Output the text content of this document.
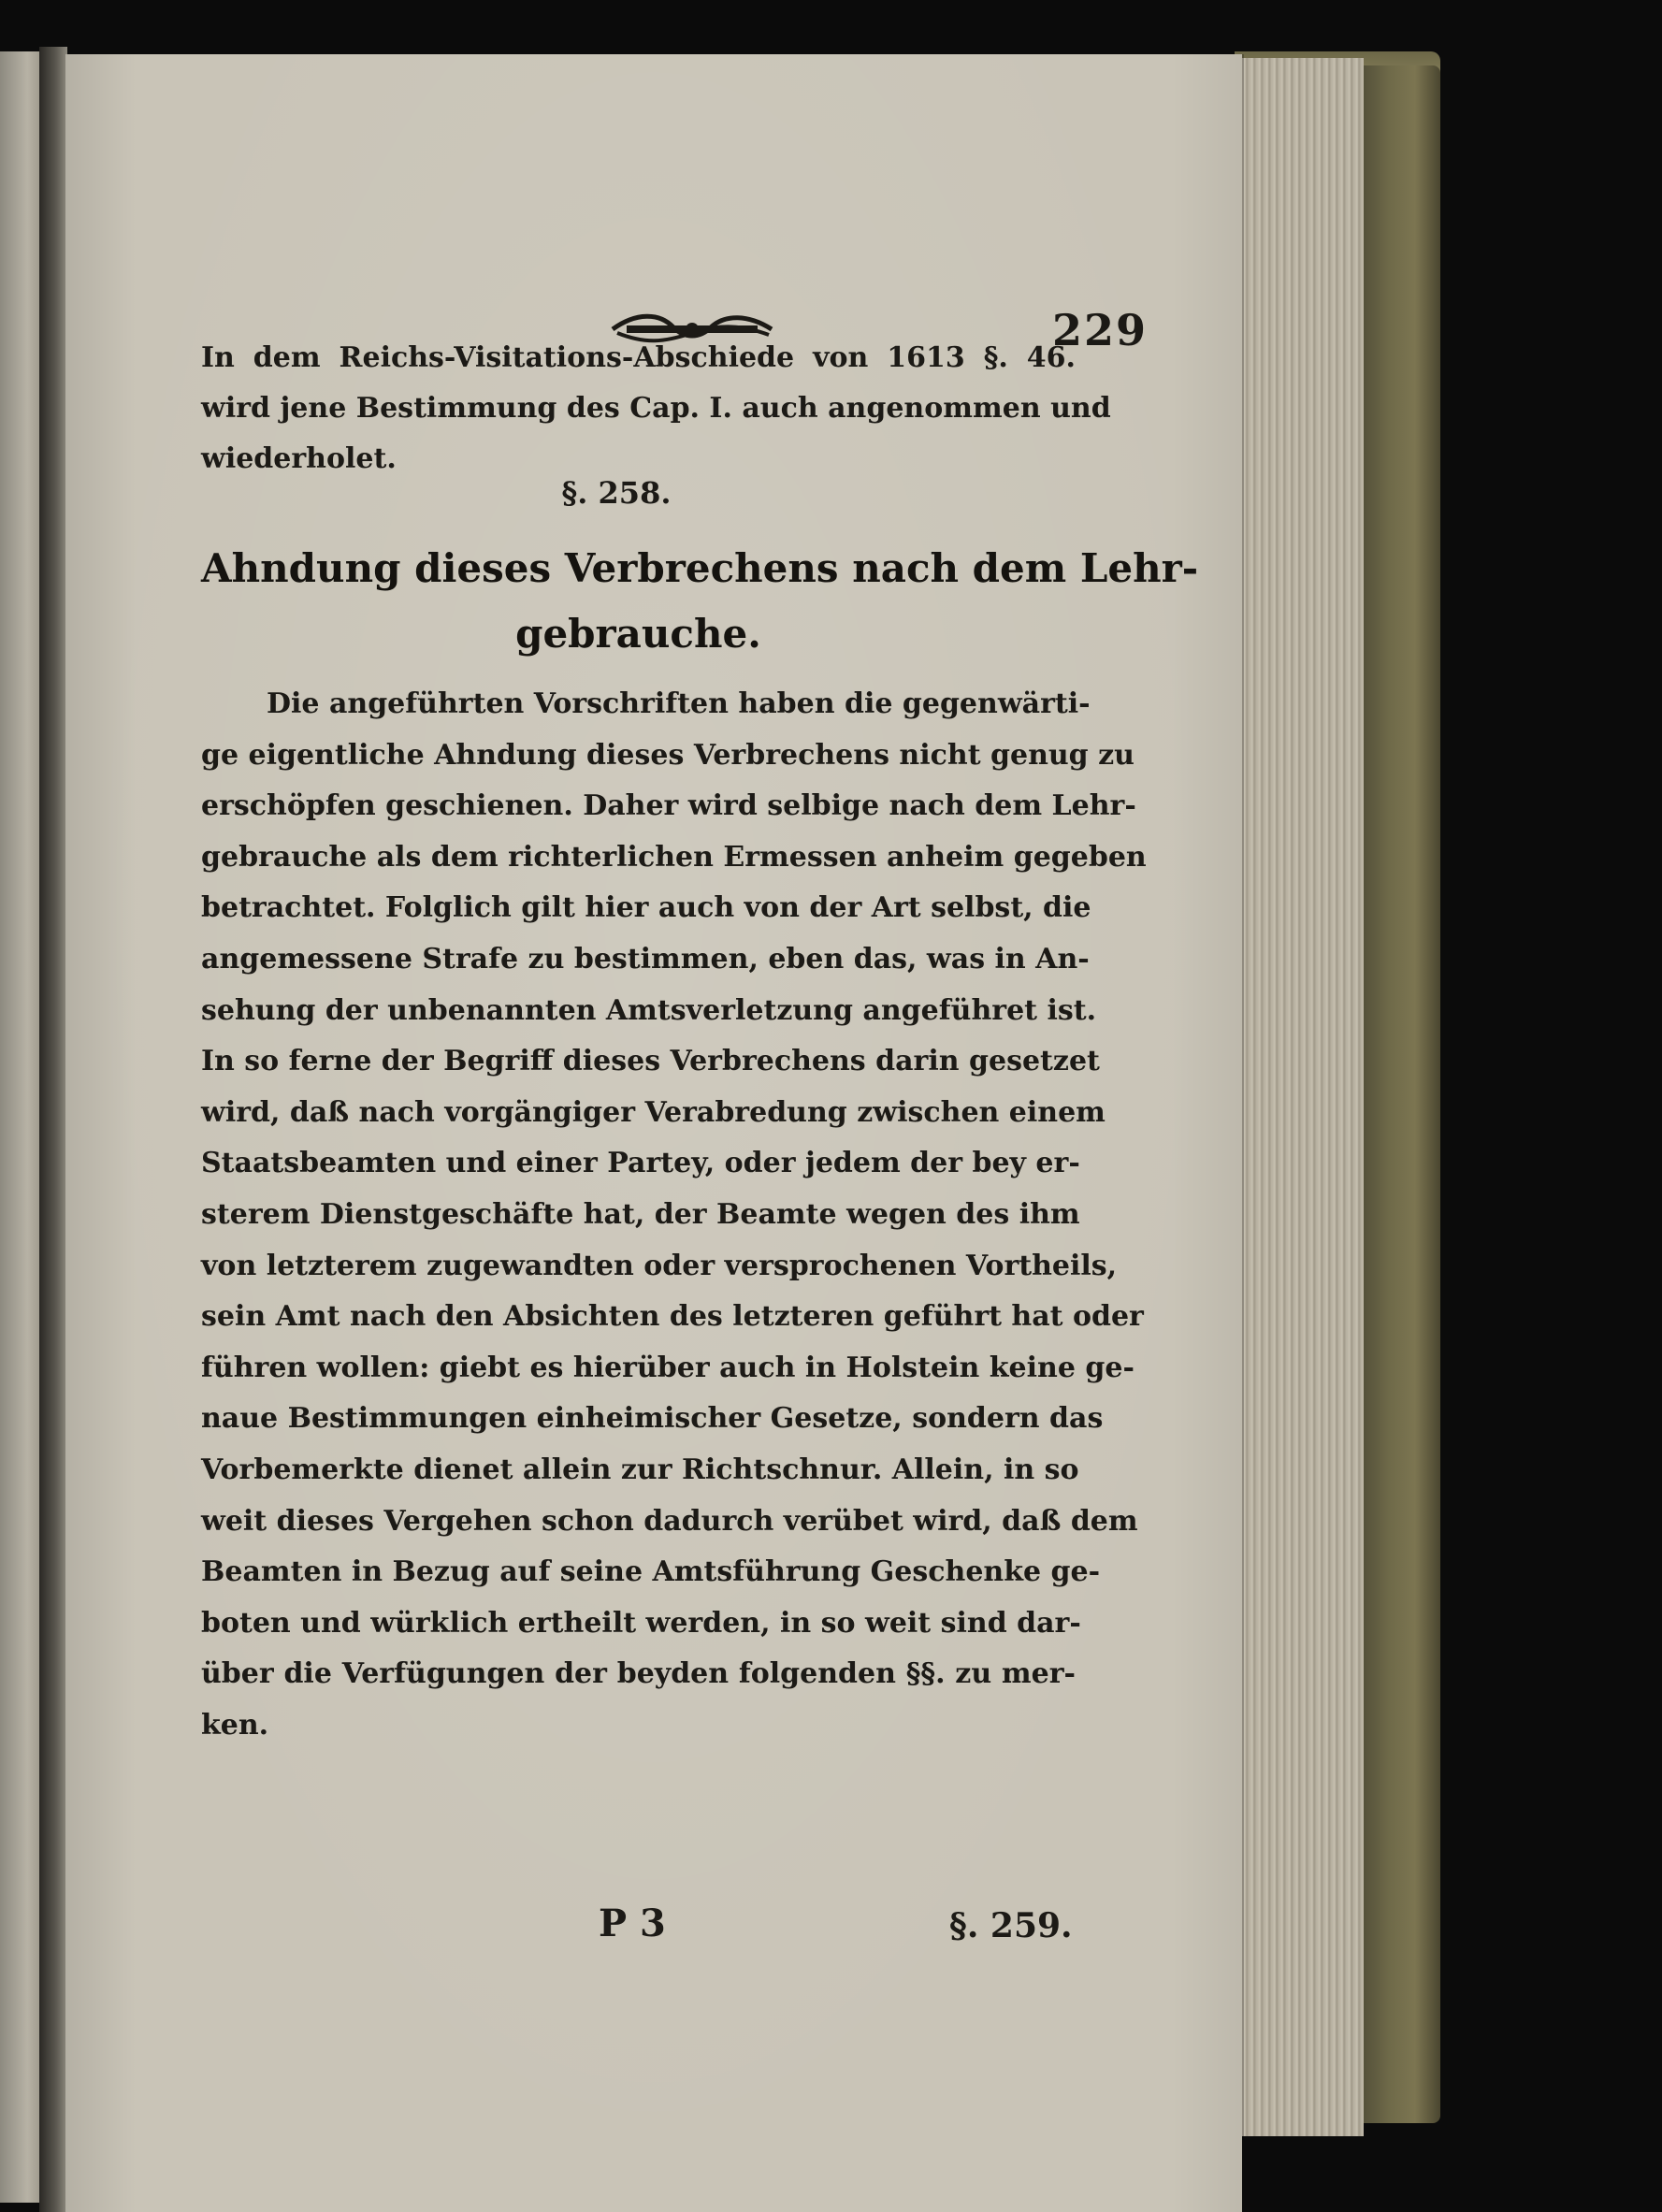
229
In dem Reichs-Visitations-Abschiede von 1613 §. 46.
wird jene Bestimmung des Cap. I. auch angenommen und
wiederholet.
§. 258.
Ahndung dieses Verbrechens nach dem Lehr-
gebrauche.
Die angeführten Vorschriften haben die gegenwärti-
ge eigentliche Ahndung dieses Verbrechens nicht genug zu
erschöpfen geschienen. Daher wird selbige nach dem Lehr-
gebrauche als dem richterlichen Ermessen anheim gegeben
betrachtet. Folglich gilt hier auch von der Art selbst, die
angemessene Strafe zu bestimmen, eben das, was in An-
sehung der unbenannten Amtsverletzung angeführet ist.
In so ferne der Begriff dieses Verbrechens darin gesetzet
wird, daß nach vorgängiger Verabredung zwischen einem
Staatsbeamten und einer Partey, oder jedem der bey er-
sterem Dienstgeschäfte hat, der Beamte wegen des ihm
von letzterem zugewandten oder versprochenen Vortheils,
sein Amt nach den Absichten des letzteren geführt hat oder
führen wollen: giebt es hierüber auch in Holstein keine ge-
naue Bestimmungen einheimischer Gesetze, sondern das
Vorbemerkte dienet allein zur Richtschnur. Allein, in so
weit dieses Vergehen schon dadurch verübet wird, daß dem
Beamten in Bezug auf seine Amtsführung Geschenke ge-
boten und würklich ertheilt werden, in so weit sind dar-
über die Verfügungen der beyden folgenden §§. zu mer-
ken.
P 3	§. 259.
